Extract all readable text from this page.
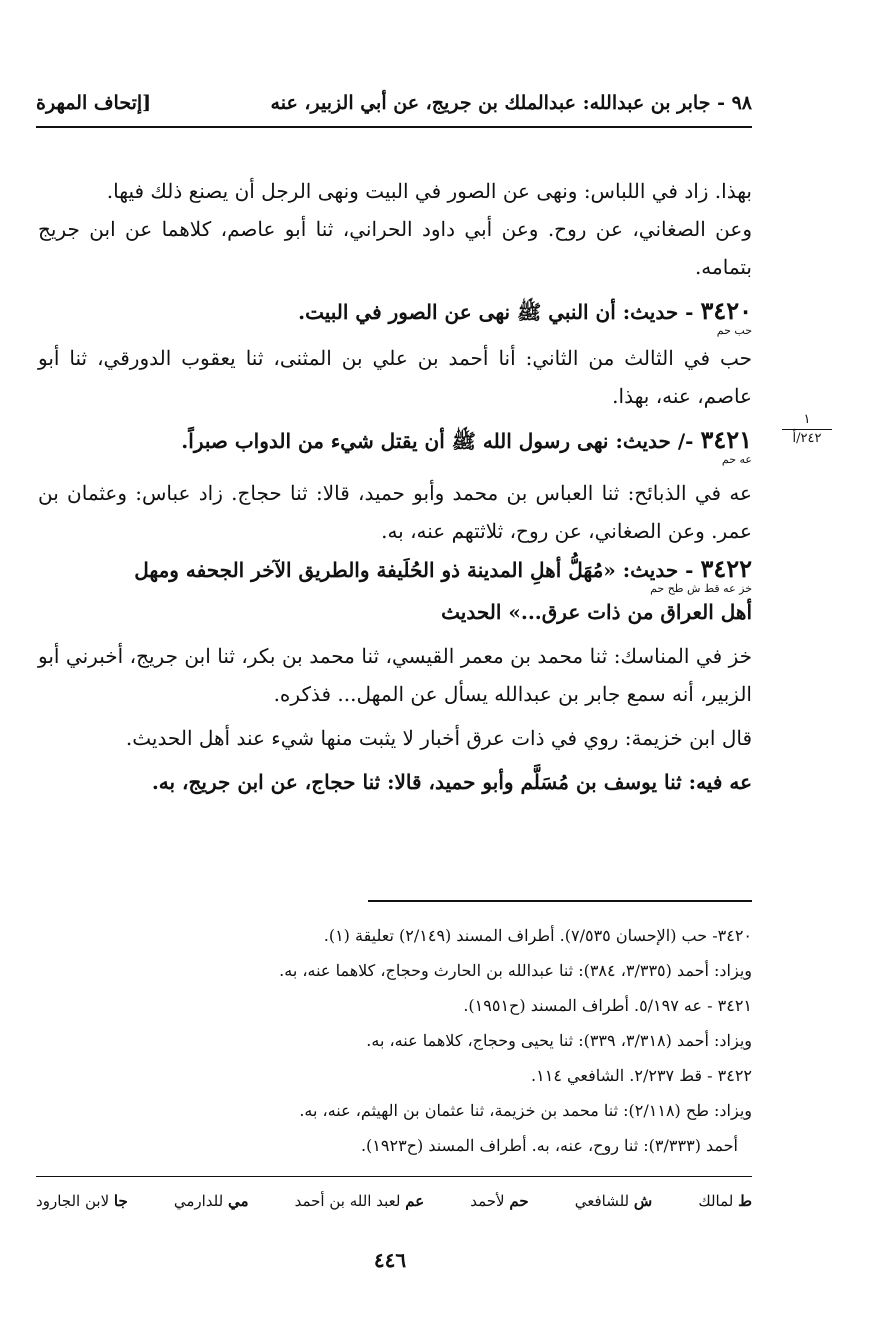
٩٨ - جابر بن عبدالله: عبدالملك بن جريج، عن أبي الزبير، عنه
[إتحاف المهرة
١
٢٤٢/أ

بهذا. زاد في اللباس: ونهى عن الصور في البيت ونهى الرجل أن يصنع ذلك فيها.

وعن الصغاني، عن روح. وعن أبي داود الحراني، ثنا أبو عاصم، كلاهما عن ابن جريج بتمامه.

٣٤٢٠ - حديث: أن النبي ﷺ نهى عن الصور في البيت.

حب حم

حب في الثالث من الثاني: أنا أحمد بن علي بن المثنى، ثنا يعقوب الدورقي، ثنا أبو عاصم، عنه، بهذا.

٣٤٢١ -/ حديث: نهى رسول الله ﷺ أن يقتل شيء من الدواب صبراً.

عه حم

عه في الذبائح: ثنا العباس بن محمد وأبو حميد، قالا: ثنا حجاج. زاد عباس: وعثمان بن عمر. وعن الصغاني، عن روح، ثلاثتهم عنه، به.

٣٤٢٢ - حديث: «مُهَلُّ أهلِ المدينة ذو الحُلَيفة والطريق الآخر الجحفه ومهل

خز عه قط ش طح حم

أهل العراق من ذات عرق...» الحديث

خز في المناسك: ثنا محمد بن معمر القيسي، ثنا محمد بن بكر، ثنا ابن جريج، أخبرني أبو الزبير، أنه سمع جابر بن عبدالله يسأل عن المهل... فذكره.

قال ابن خزيمة: روي في ذات عرق أخبار لا يثبت منها شيء عند أهل الحديث.

عه فيه: ثنا يوسف بن مُسَلَّم وأبو حميد، قالا: ثنا حجاج، عن ابن جريج، به.

٣٤٢٠- حب (الإحسان ٧/٥٣٥). أطراف المسند (٢/١٤٩) تعليقة (١).

ويزاد: أحمد (٣/٣٣٥، ٣٨٤): ثنا عبدالله بن الحارث وحجاج، كلاهما عنه، به.

٣٤٢١ - عه ٥/١٩٧. أطراف المسند (ح١٩٥١).

ويزاد: أحمد (٣/٣١٨، ٣٣٩): ثنا يحيى وحجاج، كلاهما عنه، به.

٣٤٢٢ - قط ٢/٢٣٧. الشافعي ١١٤.

ويزاد: طح (٢/١١٨): ثنا محمد بن خزيمة، ثنا عثمان بن الهيثم، عنه، به.

أحمد (٣/٣٣٣): ثنا روح، عنه، به. أطراف المسند (ح١٩٢٣).

ط لمالك
ش للشافعي
حم لأحمد
عم لعبد الله بن أحمد
مي للدارمي
جا لابن الجارود
٤٤٦
